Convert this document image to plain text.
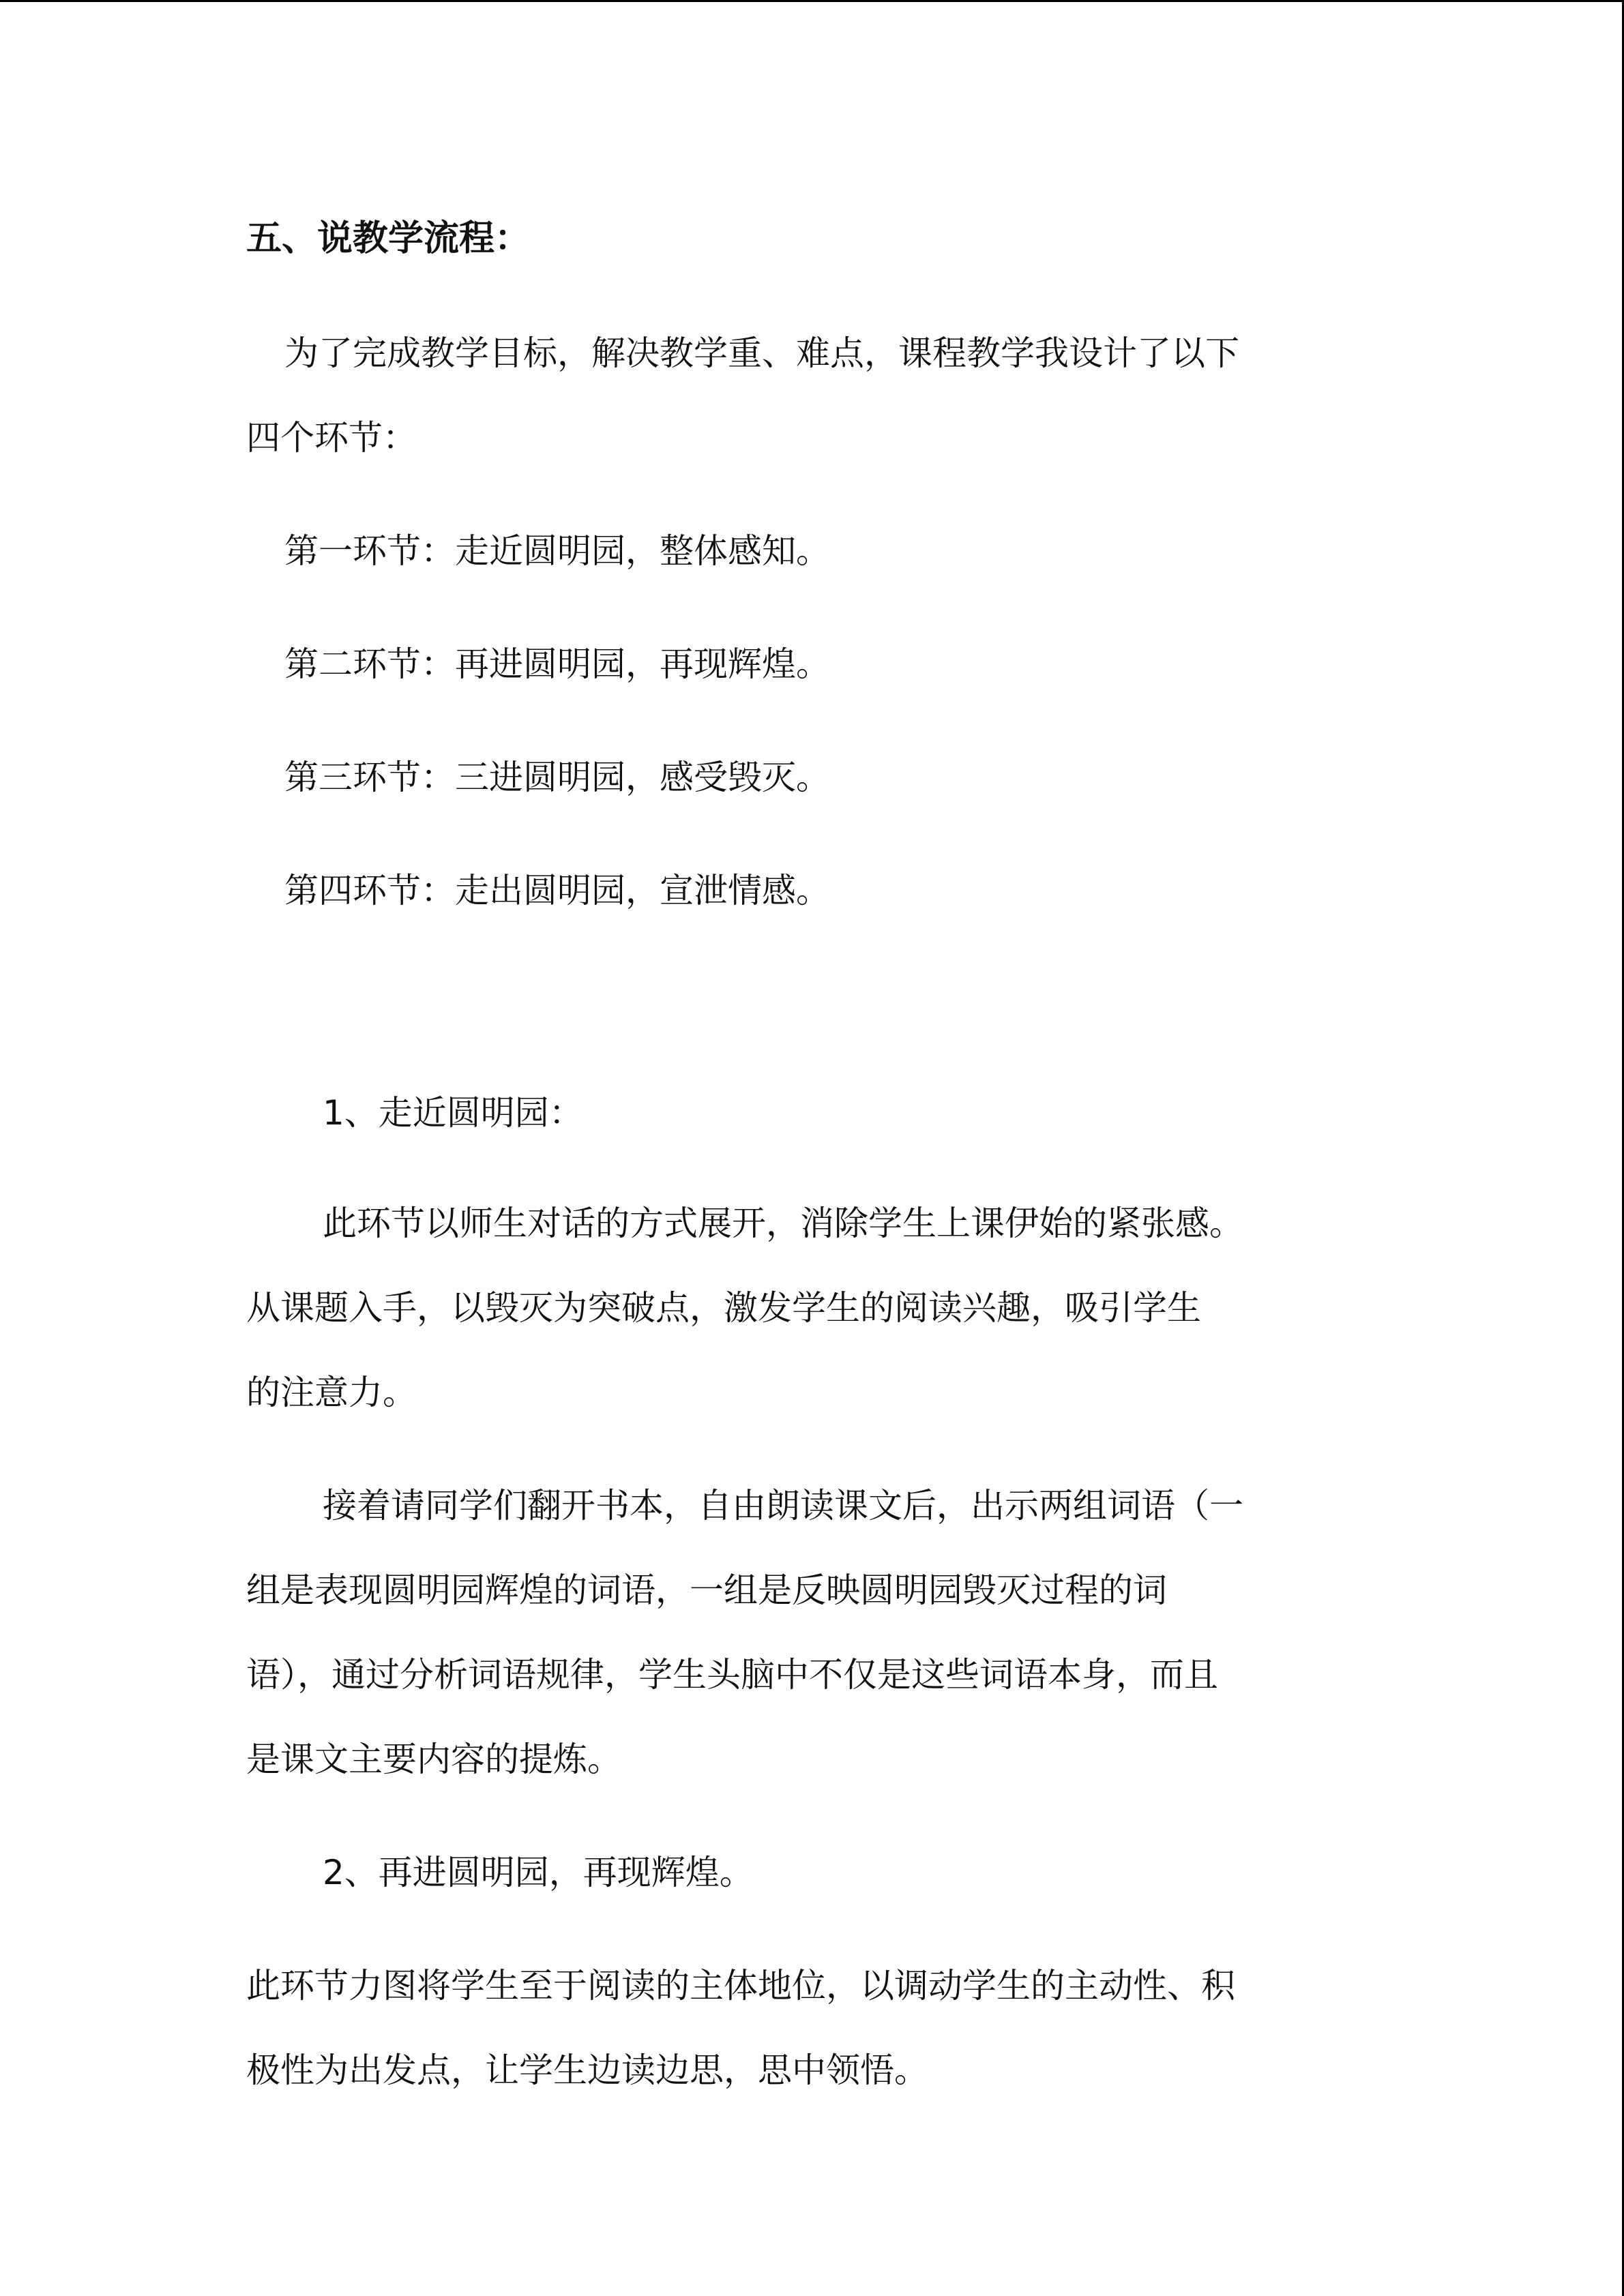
五、说教学流程：
为了完成教学目标，解决教学重、难点，课程教学我设计了以下
四个环节：
第一环节：走近圆明园，整体感知。
第二环节：再进圆明园，再现辉煌。
第三环节：三进圆明园，感受毁灭。
第四环节：走出圆明园，宣泄情感。
1、走近圆明园：
此环节以师生对话的方式展开，消除学生上课伊始的紧张感。
从课题入手，以毁灭为突破点，激发学生的阅读兴趣，吸引学生
的注意力。
接着请同学们翻开书本，自由朗读课文后，出示两组词语（一
组是表现圆明园辉煌的词语，一组是反映圆明园毁灭过程的词
语），通过分析词语规律，学生头脑中不仅是这些词语本身，而且
是课文主要内容的提炼。
2、再进圆明园，再现辉煌。
此环节力图将学生至于阅读的主体地位，以调动学生的主动性、积
极性为出发点，让学生边读边思，思中领悟。
